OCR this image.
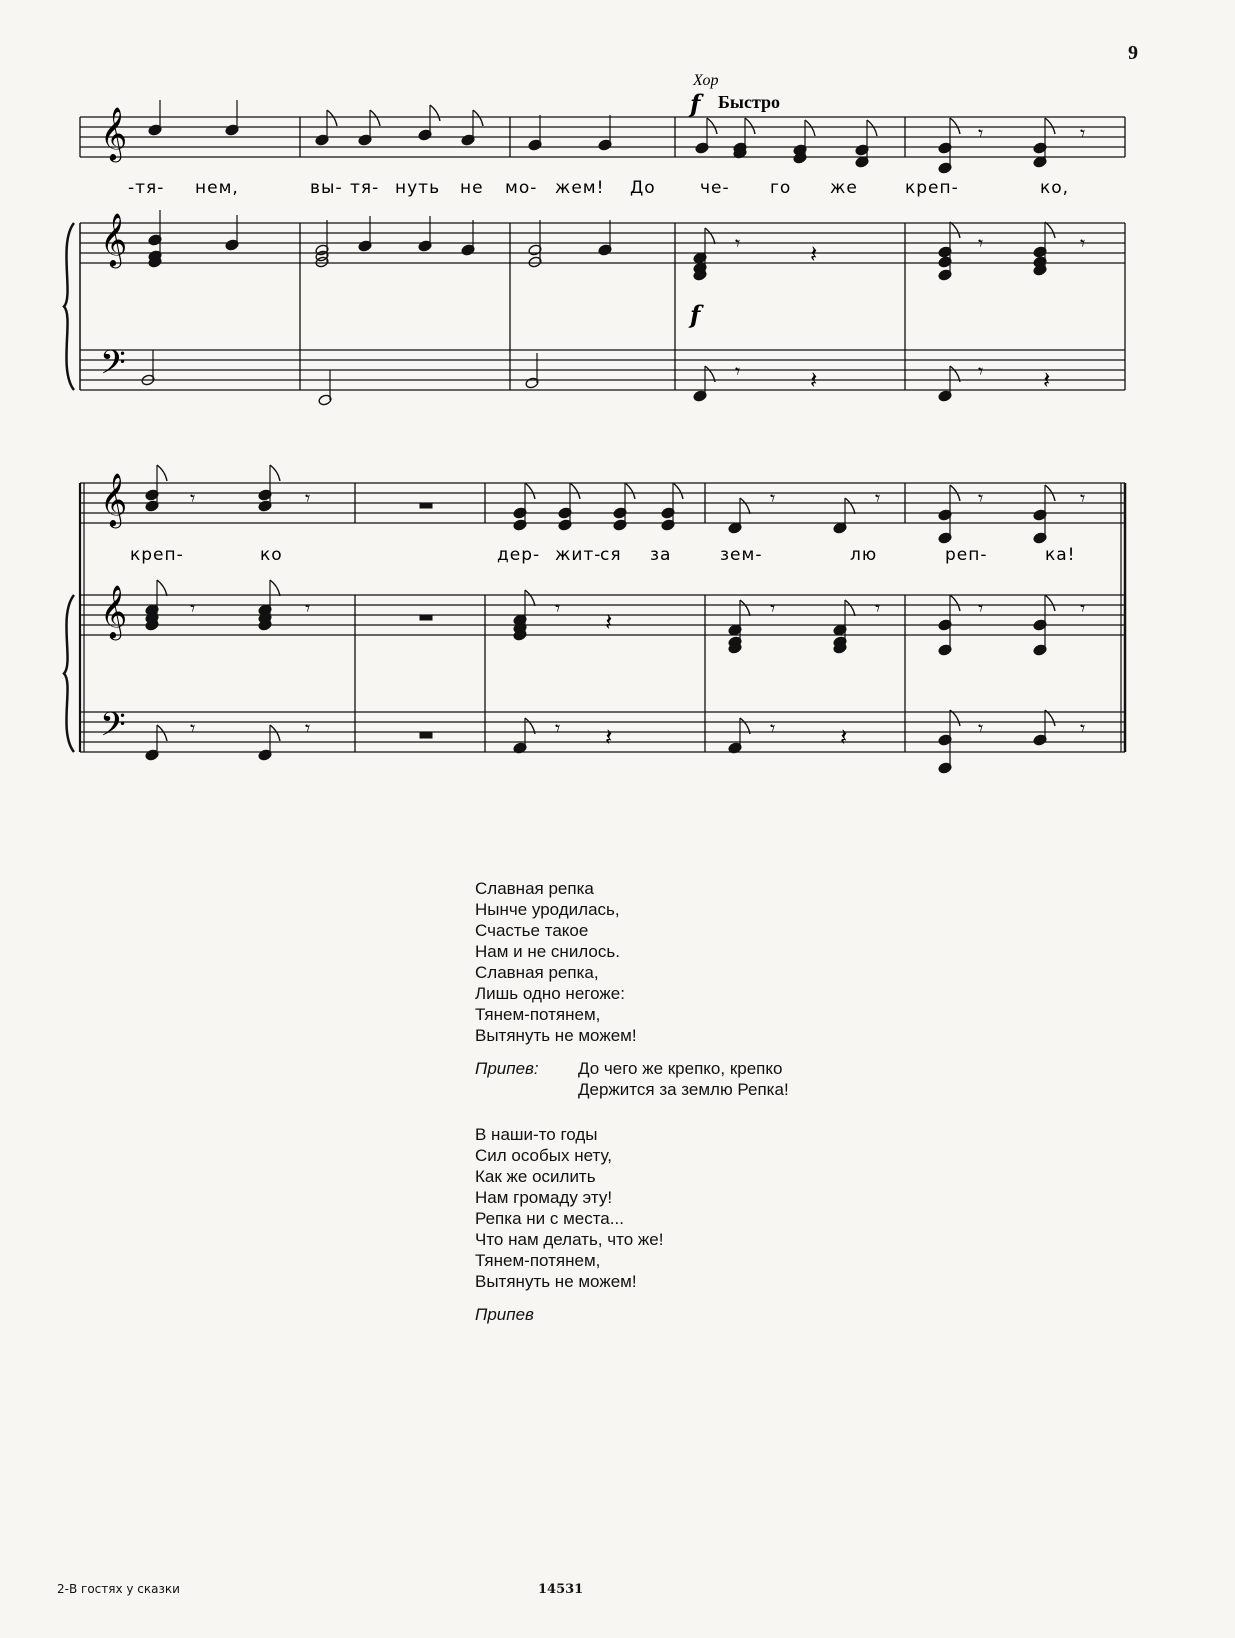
9
𝄞
𝄞
𝄢
𝄾	𝄾
𝄾	𝄽	𝄾	𝄾
𝄾	𝄽	𝄾 𝄽
Хор
f Быстро
f
-тя- нем,	вы- тя- нуть не мо- жем! До	че- го же	креп-	ко,
𝄞
𝄞
𝄢
𝄾	𝄾	𝄾	𝄾	𝄾	𝄾
𝄾	𝄾	𝄾 𝄽	𝄾	𝄾	𝄾	𝄾
𝄾	𝄾	𝄾 𝄽	𝄾	𝄽	𝄾	𝄾
креп-	ко	дер- жит-
ся за	зем-	лю	реп-	ка!
Славная репка
Нынче уродилась,
Счастье такое
Нам и не снилось.
Славная репка,
Лишь одно негоже:
Тянем-потянем,
Вытянуть не можем!
Припев:	До чего же крепко, крепко
Держится за землю Репка!
В наши-то годы
Сил особых нету,
Как же осилить
Нам громаду эту!
Репка ни с места...
Что нам делать, что же!
Тянем-потянем,
Вытянуть не можем!
Припев
2-В гостях у сказки	14531
